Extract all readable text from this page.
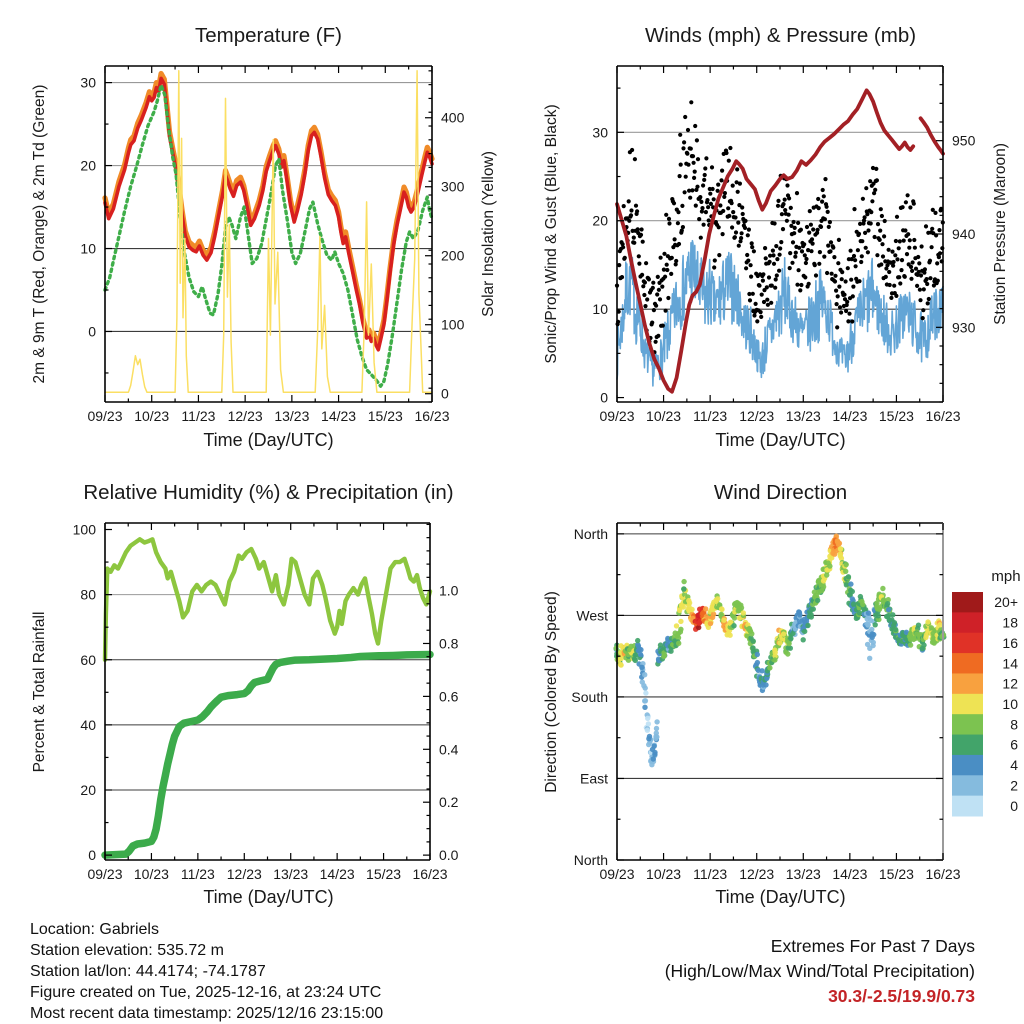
Temperature (F)
2m & 9m T (Red, Orange) & 2m Td (Green)	Solar Insolation (Yellow)
Time (Day/UTC)
09/23 10/23 11/23 12/23 13/23 14/23 15/23 16/23
0
10
20
30
0
100
200
300
400
Winds (mph) & Pressure (mb)
Sonic/Prop Wind & Gust (Blue, Black)	Station Pressure (Maroon)
Time (Day/UTC)
09/23 10/23 11/23 12/23 13/23 14/23 15/23 16/23
0
10
20
30
930
940
950
Relative Humidity (%) & Precipitation (in)
Percent & Total Rainfall
Time (Day/UTC)
09/23 10/23 11/23 12/23 13/23 14/23 15/23 16/23
0
20
40
60
80
100
0.0
0.2
0.4
0.6
0.8
1.0
Wind Direction
Direction (Colored By Speed)
Time (Day/UTC)
mph
20+
18
16
14
12
10
8
6
4
2
0
09/23 10/23 11/23 12/23 13/23 14/23 15/23 16/23
North
West
South
East
North
Location: Gabriels
Station elevation: 535.72 m
Station lat/lon: 44.4174; -74.1787
Figure created on Tue, 2025-12-16, at 23:24 UTC
Most recent data timestamp: 2025/12/16 23:15:00
Extremes For Past 7 Days
(High/Low/Max Wind/Total Precipitation)
30.3/-2.5/19.9/0.73
